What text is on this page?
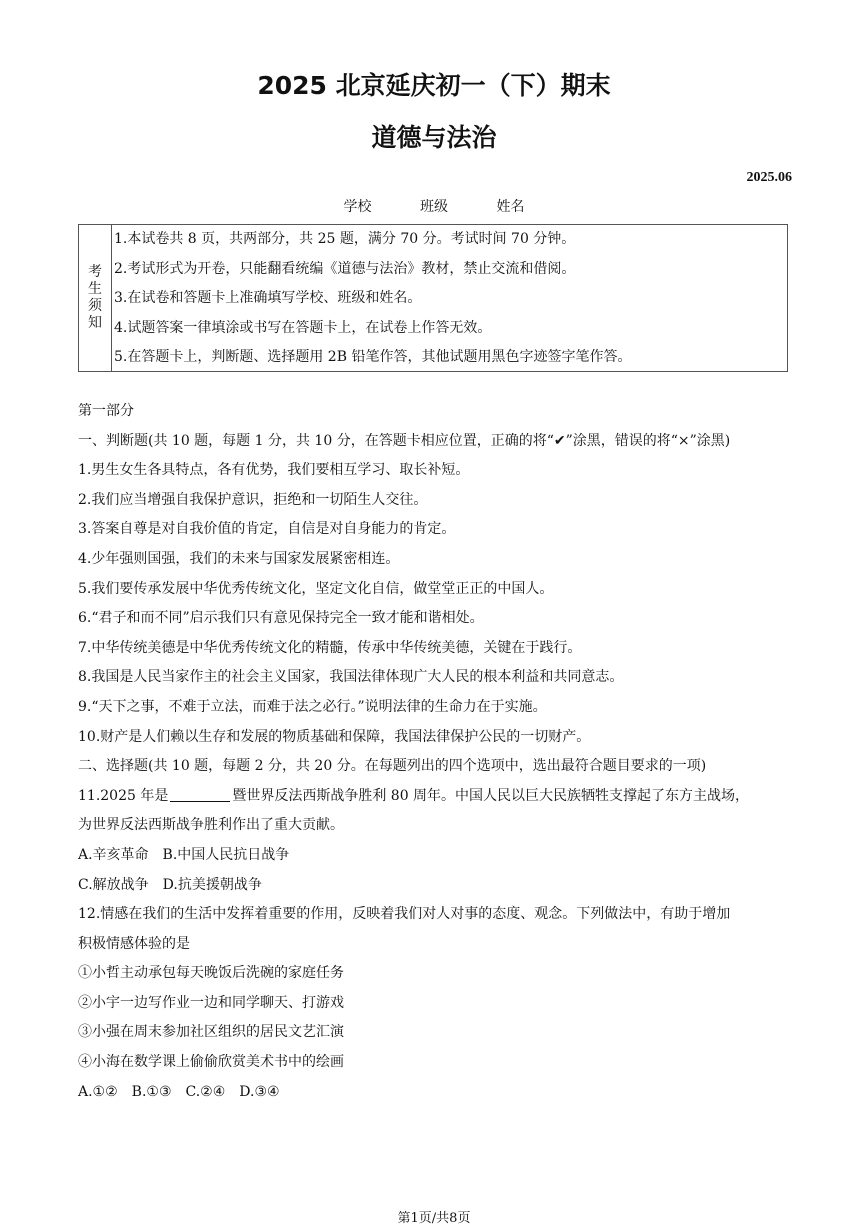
2025 北京延庆初一（下）期末
道德与法治
2025.06
学校	班级	姓名
考
生
须
知
1.本试卷共 8 页，共两部分，共 25 题，满分 70 分。考试时间 70 分钟。
2.考试形式为开卷，只能翻看统编《道德与法治》教材，禁止交流和借阅。
3.在试卷和答题卡上准确填写学校、班级和姓名。
4.试题答案一律填涂或书写在答题卡上，在试卷上作答无效。
5.在答题卡上，判断题、选择题用 2B 铅笔作答，其他试题用黑色字迹签字笔作答。
第一部分
一、判断题(共 10 题，每题 1 分，共 10 分，在答题卡相应位置，正确的将“✔”涂黑，错误的将“×”涂黑)
1.男生女生各具特点，各有优势，我们要相互学习、取长补短。
2.我们应当增强自我保护意识，拒绝和一切陌生人交往。
3.答案自尊是对自我价值的肯定，自信是对自身能力的肯定。
4.少年强则国强，我们的未来与国家发展紧密相连。
5.我们要传承发展中华优秀传统文化，坚定文化自信，做堂堂正正的中国人。
6.“君子和而不同”启示我们只有意见保持完全一致才能和谐相处。
7.中华传统美德是中华优秀传统文化的精髓，传承中华传统美德，关键在于践行。
8.我国是人民当家作主的社会主义国家，我国法律体现广大人民的根本利益和共同意志。
9.“天下之事，不难于立法，而难于法之必行。”说明法律的生命力在于实施。
10.财产是人们赖以生存和发展的物质基础和保障，我国法律保护公民的一切财产。
二、选择题(共 10 题，每题 2 分，共 20 分。在每题列出的四个选项中，选出最符合题目要求的一项)
11.2025 年是	暨世界反法西斯战争胜利 80 周年。中国人民以巨大民族牺牲支撑起了东方主战场，
为世界反法西斯战争胜利作出了重大贡献。
A.辛亥革命　B.中国人民抗日战争
C.解放战争　D.抗美援朝战争
12.情感在我们的生活中发挥着重要的作用，反映着我们对人对事的态度、观念。下列做法中，有助于增加
积极情感体验的是
①小哲主动承包每天晚饭后洗碗的家庭任务
②小宇一边写作业一边和同学聊天、打游戏
③小强在周末参加社区组织的居民文艺汇演
④小海在数学课上偷偷欣赏美术书中的绘画
A.①②　B.①③　C.②④　D.③④
第1页/共8页
